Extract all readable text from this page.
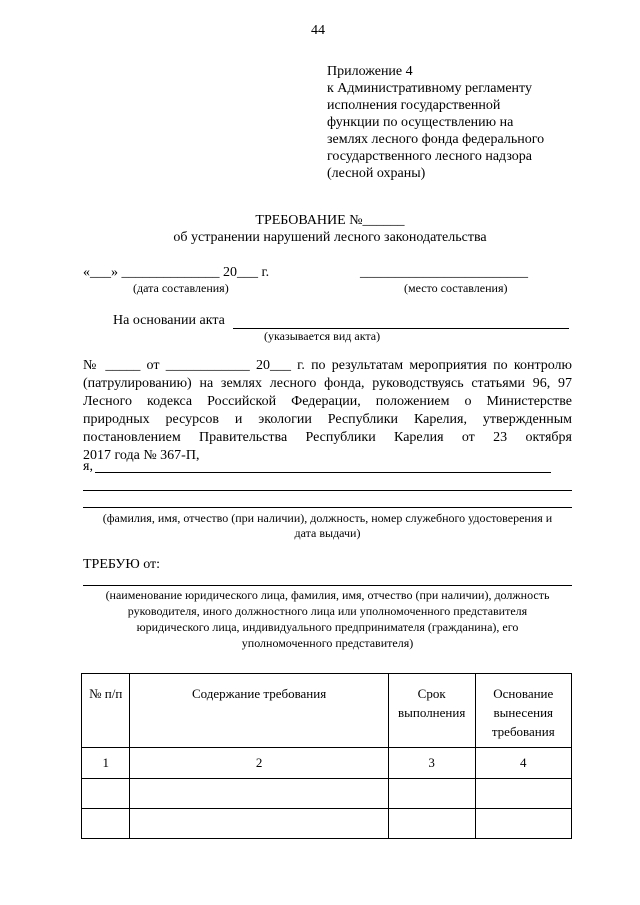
44
Приложение 4
к Административному регламенту
исполнения государственной
функции по осуществлению на
землях лесного фонда федерального
государственного лесного надзора
(лесной охраны)
ТРЕБОВАНИЕ №______
об устранении нарушений лесного законодательства
«___» ______________ 20___ г.	________________________
(дата составления)	(место составления)
На основании акта
(указывается вид акта)
№ _____ от ____________ 20___ г. по результатам мероприятия по контролю
(патрулированию) на землях лесного фонда, руководствуясь статьями 96, 97
Лесного кодекса Российской Федерации, положением о Министерстве
природных ресурсов и экологии Республики Карелия, утвержденным
постановлением Правительства Республики Карелия от 23 октября
2017 года № 367-П,
я,
(фамилия, имя, отчество (при наличии), должность, номер служебного удостоверения и
дата выдачи)
ТРЕБУЮ от:
(наименование юридического лица, фамилия, имя, отчество (при наличии), должность
руководителя, иного должностного лица или уполномоченного представителя
юридического лица, индивидуального предпринимателя (гражданина), его
уполномоченного представителя)
№ п/п	Содержание требования	Срок выполнения	Основание вынесения требования
1	2	3	4
